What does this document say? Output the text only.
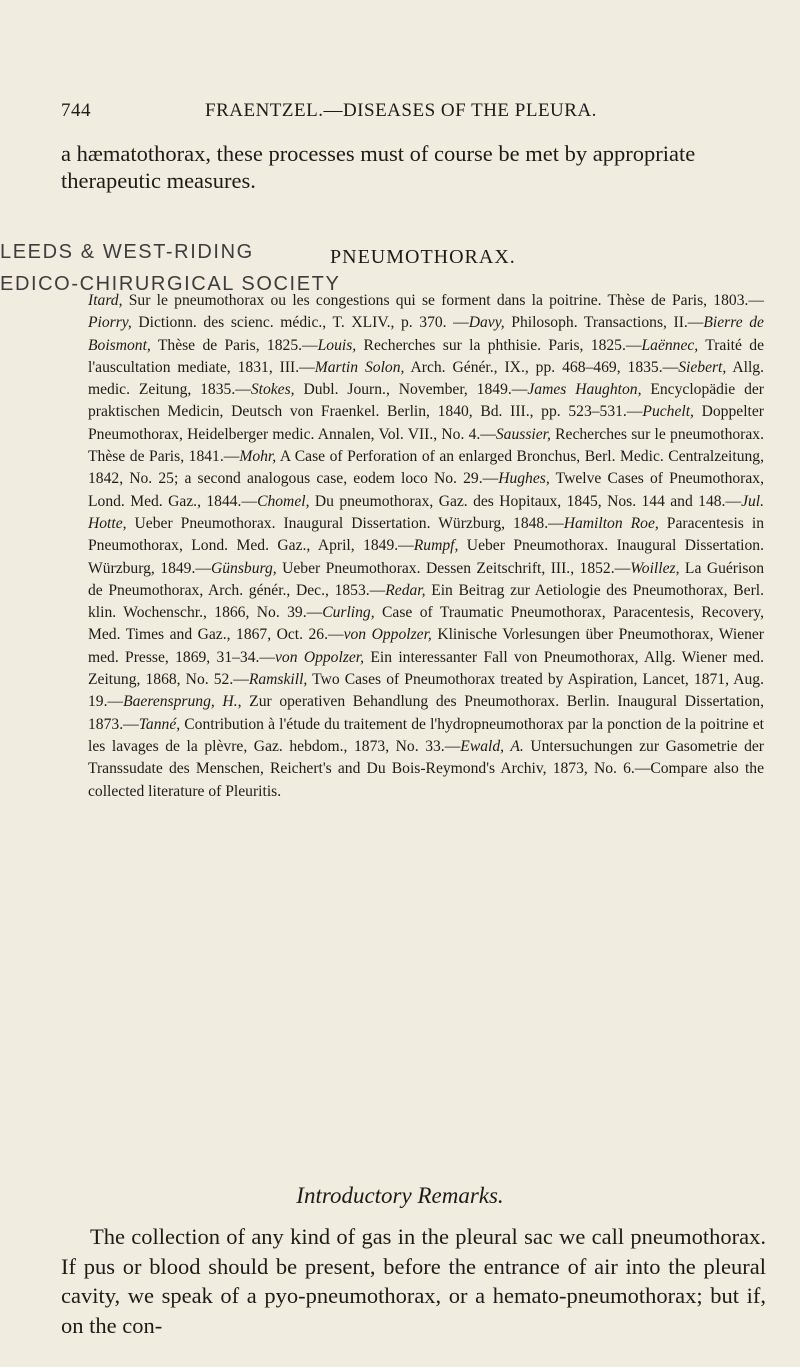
744	FRAENTZEL.—DISEASES OF THE PLEURA.

a hæmatothorax, these processes must of course be met by appropriate therapeutic measures.

LEEDS & WEST-RIDING
EDICO-CHIRURGICAL SOCIETY
PNEUMOTHORAX.

Itard, Sur le pneumothorax ou les congestions qui se forment dans la poitrine. Thèse de Paris, 1803.—Piorry, Dictionn. des scienc. médic., T. XLIV., p. 370. —Davy, Philosoph. Transactions, II.—Bierre de Boismont, Thèse de Paris, 1825.—Louis, Recherches sur la phthisie. Paris, 1825.—Laënnec, Traité de l'auscultation mediate, 1831, III.—Martin Solon, Arch. Génér., IX., pp. 468–469, 1835.—Siebert, Allg. medic. Zeitung, 1835.—Stokes, Dubl. Journ., November, 1849.—James Haughton, Encyclopädie der praktischen Medicin, Deutsch von Fraenkel. Berlin, 1840, Bd. III., pp. 523–531.—Puchelt, Doppelter Pneumothorax, Heidelberger medic. Annalen, Vol. VII., No. 4.—Saussier, Recherches sur le pneumothorax. Thèse de Paris, 1841.—Mohr, A Case of Perforation of an enlarged Bronchus, Berl. Medic. Centralzeitung, 1842, No. 25; a second analogous case, eodem loco No. 29.—Hughes, Twelve Cases of Pneumothorax, Lond. Med. Gaz., 1844.—Chomel, Du pneumothorax, Gaz. des Hopitaux, 1845, Nos. 144 and 148.—Jul. Hotte, Ueber Pneumothorax. Inaugural Dissertation. Würzburg, 1848.—Hamilton Roe, Paracentesis in Pneumothorax, Lond. Med. Gaz., April, 1849.—Rumpf, Ueber Pneumothorax. Inaugural Dissertation. Würzburg, 1849.—Günsburg, Ueber Pneumothorax. Dessen Zeitschrift, III., 1852.—Woillez, La Guérison de Pneumothorax, Arch. génér., Dec., 1853.—Redar, Ein Beitrag zur Aetiologie des Pneumothorax, Berl. klin. Wochenschr., 1866, No. 39.—Curling, Case of Traumatic Pneumothorax, Paracentesis, Recovery, Med. Times and Gaz., 1867, Oct. 26.—von Oppolzer, Klinische Vorlesungen über Pneumothorax, Wiener med. Presse, 1869, 31–34.—von Oppolzer, Ein interessanter Fall von Pneumothorax, Allg. Wiener med. Zeitung, 1868, No. 52.—Ramskill, Two Cases of Pneumothorax treated by Aspiration, Lancet, 1871, Aug. 19.—Baerensprung, H., Zur operativen Behandlung des Pneumothorax. Berlin. Inaugural Dissertation, 1873.—Tanné, Contribution à l'étude du traitement de l'hydropneumothorax par la ponction de la poitrine et les lavages de la plèvre, Gaz. hebdom., 1873, No. 33.—Ewald, A. Untersuchungen zur Gasometrie der Transsudate des Menschen, Reichert's and Du Bois-Reymond's Archiv, 1873, No. 6.—Compare also the collected literature of Pleuritis.

Introductory Remarks.

The collection of any kind of gas in the pleural sac we call pneumothorax. If pus or blood should be present, before the entrance of air into the pleural cavity, we speak of a pyo-pneumothorax, or a hemato-pneumothorax; but if, on the con-
